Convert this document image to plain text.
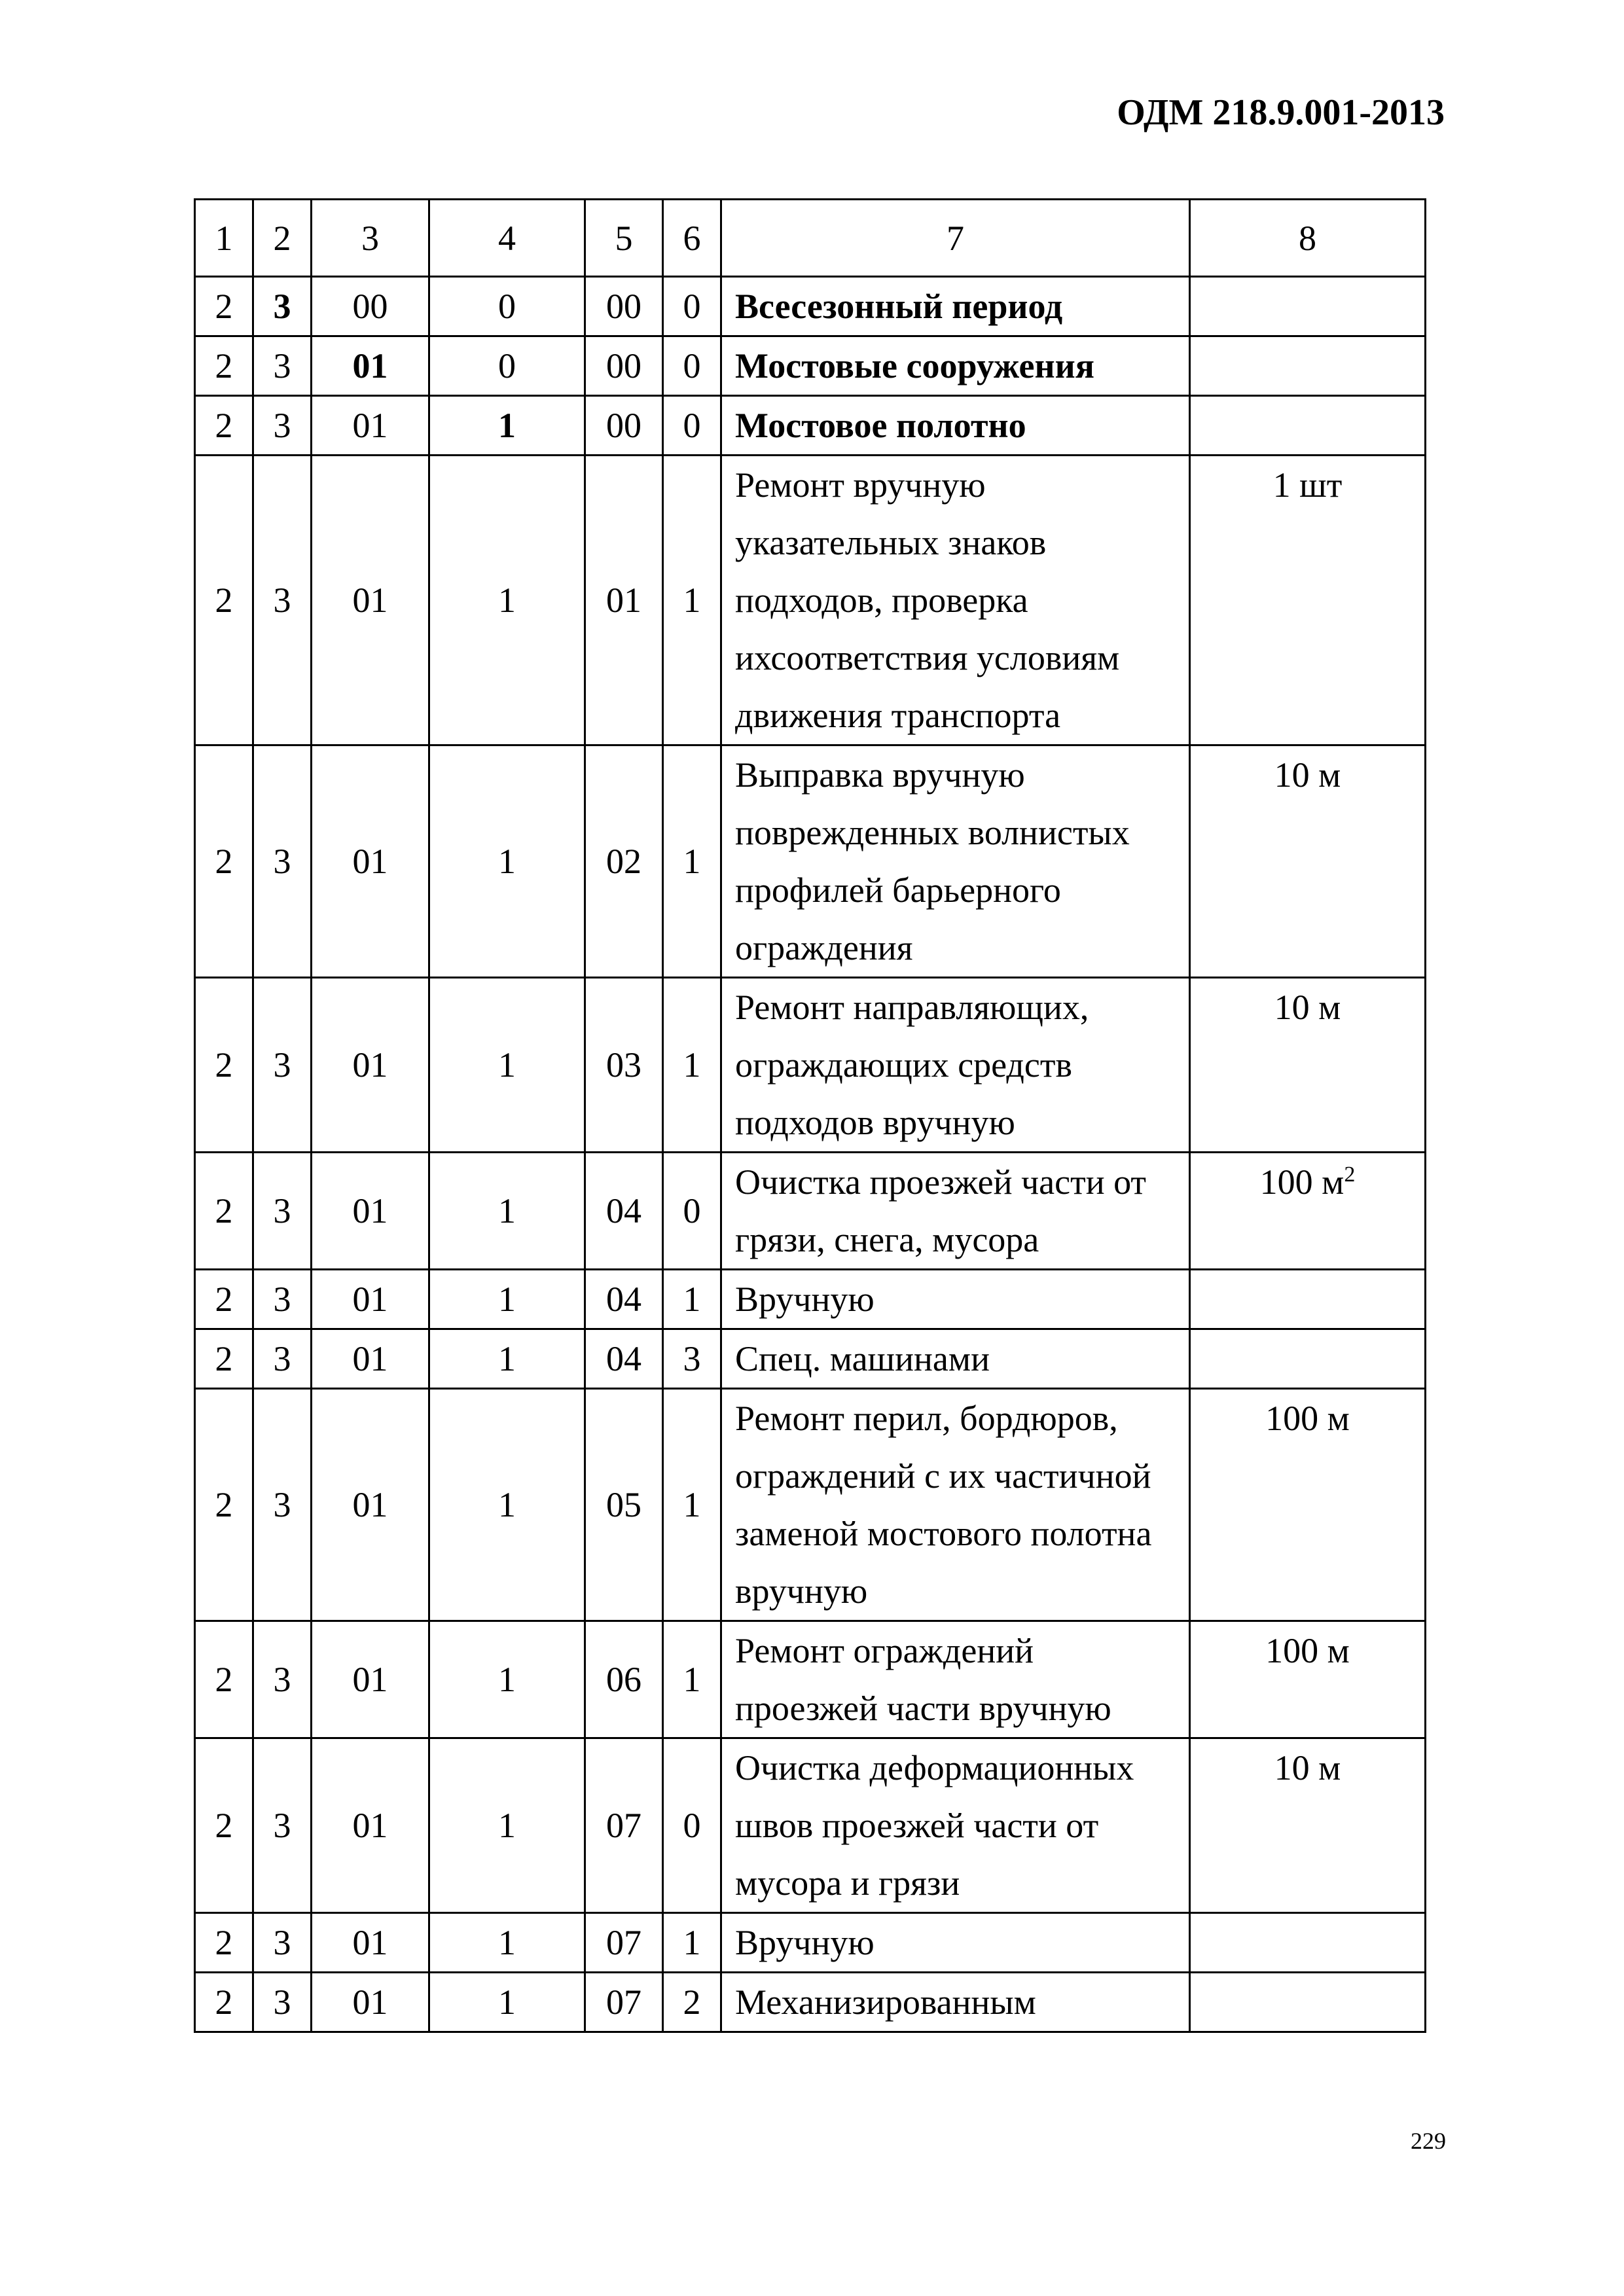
ОДМ 218.9.001-2013
1	2	3	4	5	6	7	8
2	3	00	0	00	0	Всесезонный период	
2	3	01	0	00	0	Мостовые сооружения	
2	3	01	1	00	0	Мостовое полотно	
2	3	01	1	01	1	Ремонт вручную указательных знаков подходов, проверка ихсоответствия условиям движения транспорта	1 шт
2	3	01	1	02	1	Выправка вручную поврежденных волнистых профилей барьерного ограждения	10 м
2	3	01	1	03	1	Ремонт направляющих, ограждающих средств подходов вручную	10 м
2	3	01	1	04	0	Очистка проезжей части от грязи, снега, мусора	100 $м^2$
2	3	01	1	04	1	Вручную	
2	3	01	1	04	3	Спец. машинами	
2	3	01	1	05	1	Ремонт перил, бордюров, ограждений с их частичной заменой мостового полотна вручную	100 м
2	3	01	1	06	1	Ремонт ограждений проезжей части вручную	100 м
2	3	01	1	07	0	Очистка деформационных швов проезжей части от мусора и грязи	10 м
2	3	01	1	07	1	Вручную	
2	3	01	1	07	2	Механизированным	
229
